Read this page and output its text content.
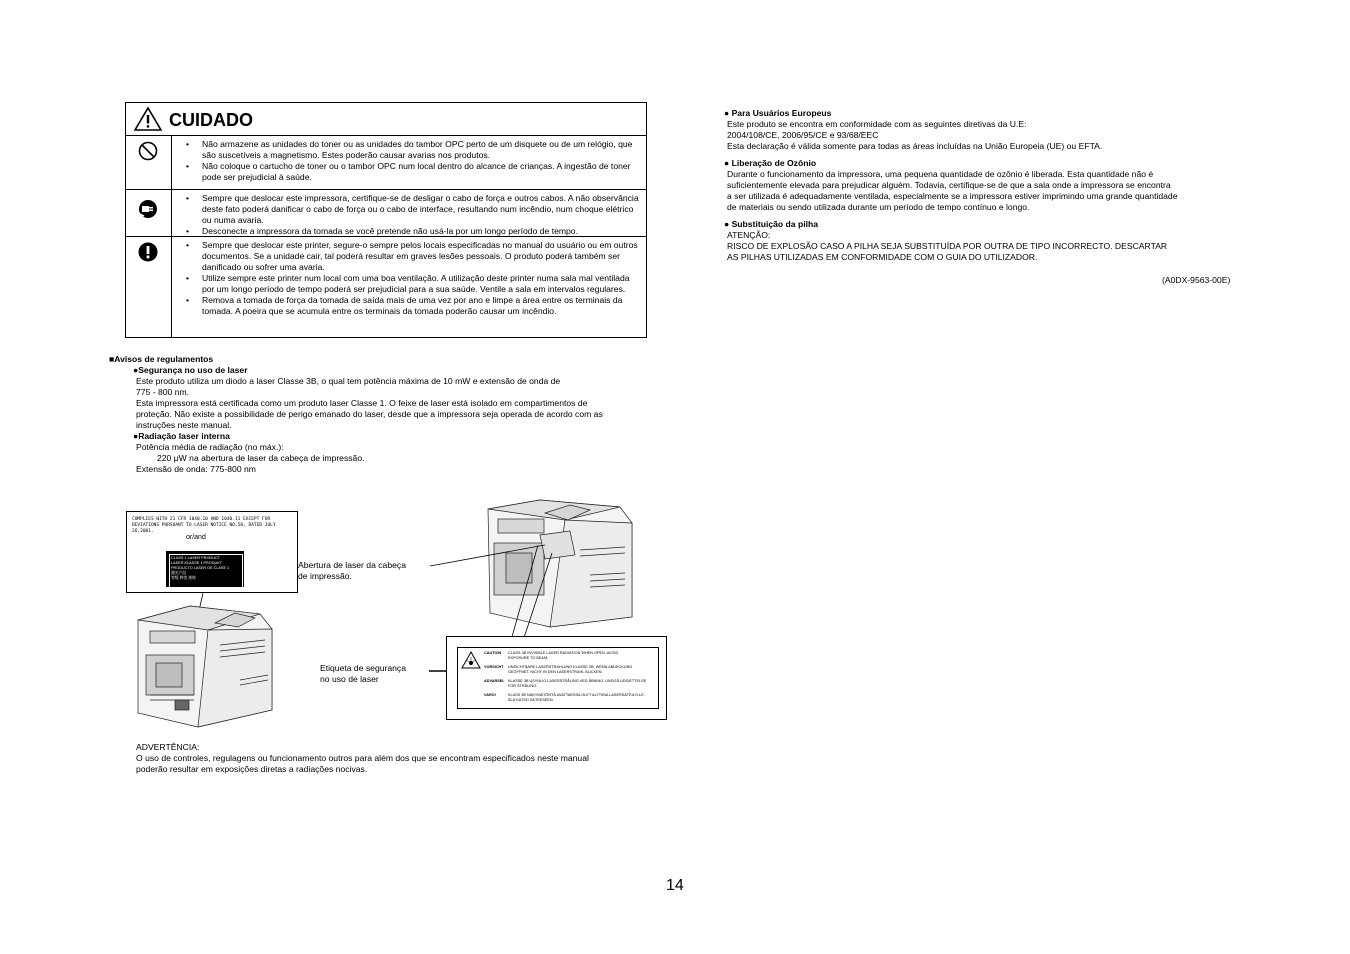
CUIDADO
• Não armazene as unidades do toner ou as unidades do tambor OPC perto de um disquete ou de um relógio, que são suscetíveis a magnetismo. Estes poderão causar avarias nos produtos.
• Não coloque o cartucho de toner ou o tambor OPC num local dentro do alcance de crianças. A ingestão de toner pode ser prejudicial à saúde.
• Sempre que deslocar este impressora, certifique-se de desligar o cabo de força e outros cabos. A não observância deste fato poderá danificar o cabo de força ou o cabo de interface, resultando num incêndio, num choque elétrico ou numa avaria.
• Desconecte a impressora da tomada se você pretende não usá-la por um longo período de tempo.
• Sempre que deslocar este printer, segure-o sempre pelos locais especificadas no manual do usuário ou em outros documentos. Se a unidade cair, tal poderá resultar em graves lesões pessoais. O produto poderá também ser danificado ou sofrer uma avaria.
• Utilize sempre este printer num local com uma boa ventilação. A utilização deste printer numa sala mal ventilada por um longo período de tempo poderá ser prejudicial para a sua saúde. Ventile a sala em intervalos regulares.
• Remova a tomada de força da tomada de saída mais de uma vez por ano e limpe a área entre os terminais da tomada. A poeira que se acumula entre os terminais da tomada poderão causar um incêndio.
■Avisos de regulamentos
●Segurança no uso de laser

Este produto utiliza um diodo a laser Classe 3B, o qual tem potência máxima de 10 mW e extensão de onda de

775 - 800 nm.

Esta impressora está certificada como um produto laser Classe 1. O feixe de laser está isolado em compartimentos de

proteção. Não existe a possibilidade de perigo emanado do laser, desde que a impressora seja operada de acordo com as

instruções neste manual.

●Radiação laser interna

Potência média de radiação (no máx.):

220 μW na abertura de laser da cabeça de impressão.

Extensão de onda: 775-800 nm

COMPLIES WITH 21 CFR 1040.10 AND 1040.11 EXCEPT FOR DEVIATIONS PURSUANT TO LASER NOTICE NO.50, DATED JULY 26,2001.
or/and
CLASS 1 LASER PRODUCT
LASER KLASSE 1 PRODUKT
PRODUCTO LASER DE CLASE 1
激光产品
等级 种类 规格

Abertura de laser da cabeça

de impressão.

Etiqueta de segurança

no uso de laser

CAUTION CLASS 3B INVISIBLE LASER RADIATION WHEN OPEN, AVOID EXPOSURE TO BEAM.
VORSICHT UNSICHTBARE LASERSTRAHLUNG KLASSE 3B, WENN ABDECKUNG GEÖFFNET. NICHT IN DEN LASERSTRAHL BLICKEN.
ADVARSEL KLASSE 3B USYNLIG LASERSTRÅLING VED ÅBNING. UNDGÅ UDSÆTTELSE FOR STRÅLING.
VARO!	KLASS 3B NÄKYMÄTÖNTÄ AVATTAESSA OLET ALTTIINA LASERSÄTEILYLLE. ÄLÄ KATSO SÄTEESEEN.

ADVERTÊNCIA:

O uso de controles, regulagens ou funcionamento outros para além dos que se encontram especificados neste manual

poderão resultar em exposições diretas a radiações nocivas.

14

● Para Usuários Europeus

Este produto se encontra em conformidade com as seguintes diretivas da U.E:

2004/108/CE, 2006/95/CE e 93/68/EEC

Esta declaração é válida somente para todas as áreas incluídas na União Europeia (UE) ou EFTA.

● Liberação de Ozônio

Durante o funcionamento da impressora, uma pequena quantidade de ozônio é liberada. Esta quantidade não é

suficientemente elevada para prejudicar alguém. Todavia, certifique-se de que a sala onde a impressora se encontra

a ser utilizada é adequadamente ventilada, especialmente se a impressora estiver imprimindo uma grande quantidade

de materiais ou sendo utilizada durante um período de tempo contínuo e longo.

● Substituição da pilha

ATENÇÃO:

RISCO DE EXPLOSÃO CASO A PILHA SEJA SUBSTITUÍDA POR OUTRA DE TIPO INCORRECTO. DESCARTAR

AS PILHAS UTILIZADAS EM CONFORMIDADE COM O GUIA DO UTILIZADOR.

(A0DX-9563-00E)
